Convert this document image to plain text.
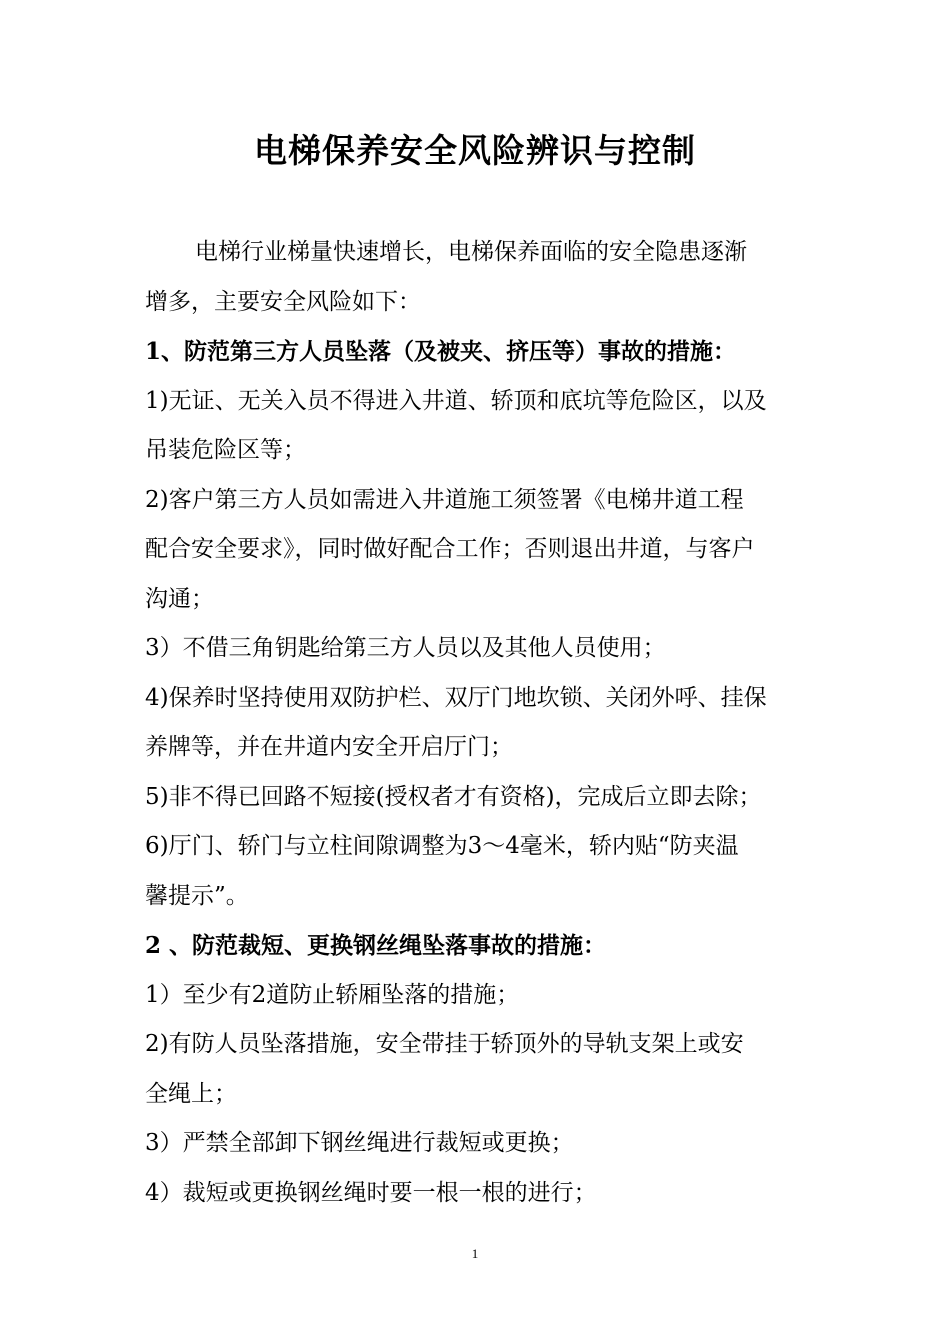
电梯保养安全风险辨识与控制
电梯行业梯量快速增长，电梯保养面临的安全隐患逐渐
增多，主要安全风险如下：
1、防范第三方人员坠落（及被夹、挤压等）事故的措施：
1)无证、无关入员不得进入井道、轿顶和底坑等危险区，以及
吊装危险区等；
2)客户第三方人员如需进入井道施工须签署《电梯井道工程
配合安全要求》，同时做好配合工作；否则退出井道，与客户
沟通；
3）不借三角钥匙给第三方人员以及其他人员使用；
4)保养时坚持使用双防护栏、双厅门地坎锁、关闭外呼、挂保
养牌等，并在井道内安全开启厅门；
5)非不得已回路不短接(授权者才有资格)，完成后立即去除；
6)厅门、轿门与立柱间隙调整为3～4毫米，轿内贴“防夹温
馨提示”。
2 、防范裁短、更换钢丝绳坠落事故的措施：
1）至少有2道防止轿厢坠落的措施；
2)有防人员坠落措施，安全带挂于轿顶外的导轨支架上或安
全绳上；
3）严禁全部卸下钢丝绳进行裁短或更换；
4）裁短或更换钢丝绳时要一根一根的进行；
1
